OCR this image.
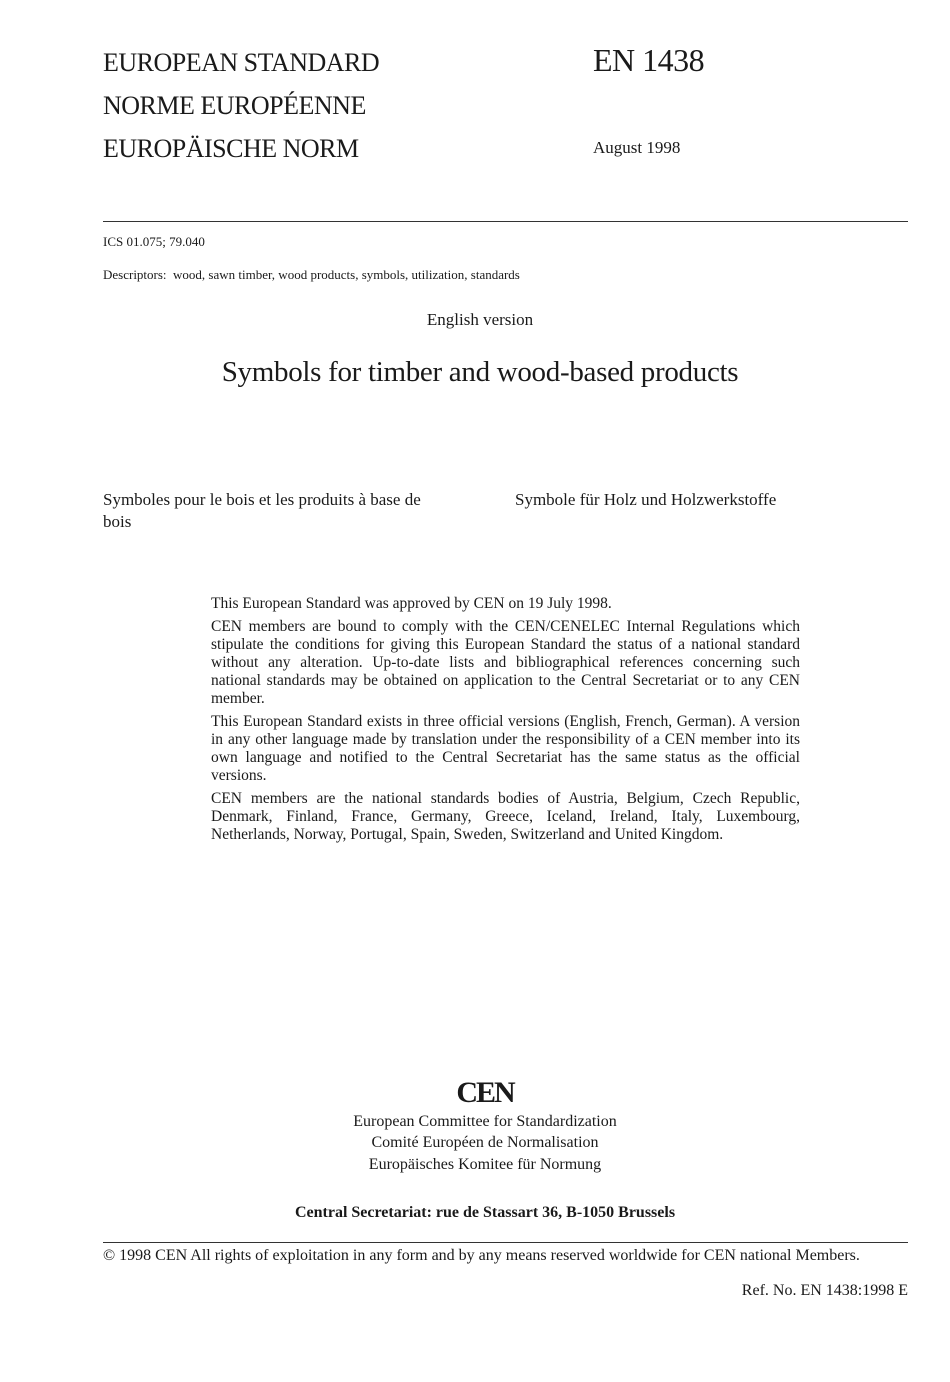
EUROPEAN STANDARD
NORME EUROPÉENNE
EUROPÄISCHE NORM
EN 1438
August 1998
ICS 01.075; 79.040
Descriptors:  wood, sawn timber, wood products, symbols, utilization, standards
English version
Symbols for timber and wood-based products
Symboles pour le bois et les produits à base de bois
Symbole für Holz und Holzwerkstoffe

This European Standard was approved by CEN on 19 July 1998.

CEN members are bound to comply with the CEN/CENELEC Internal Regulations which stipulate the conditions for giving this European Standard the status of a national standard without any alteration. Up-to-date lists and bibliographical references concerning such national standards may be obtained on application to the Central Secretariat or to any CEN member.

This European Standard exists in three official versions (English, French, German). A version in any other language made by translation under the responsibility of a CEN member into its own language and notified to the Central Secretariat has the same status as the official versions.

CEN members are the national standards bodies of Austria, Belgium, Czech Republic, Denmark, Finland, France, Germany, Greece, Iceland, Ireland, Italy, Luxembourg, Netherlands, Norway, Portugal, Spain, Sweden, Switzerland and United Kingdom.

CEN
European Committee for Standardization
Comité Européen de Normalisation
Europäisches Komitee für Normung
Central Secretariat: rue de Stassart 36, B-1050 Brussels
© 1998 CEN All rights of exploitation in any form and by any means reserved worldwide for CEN national Members.
Ref. No. EN 1438:1998 E
